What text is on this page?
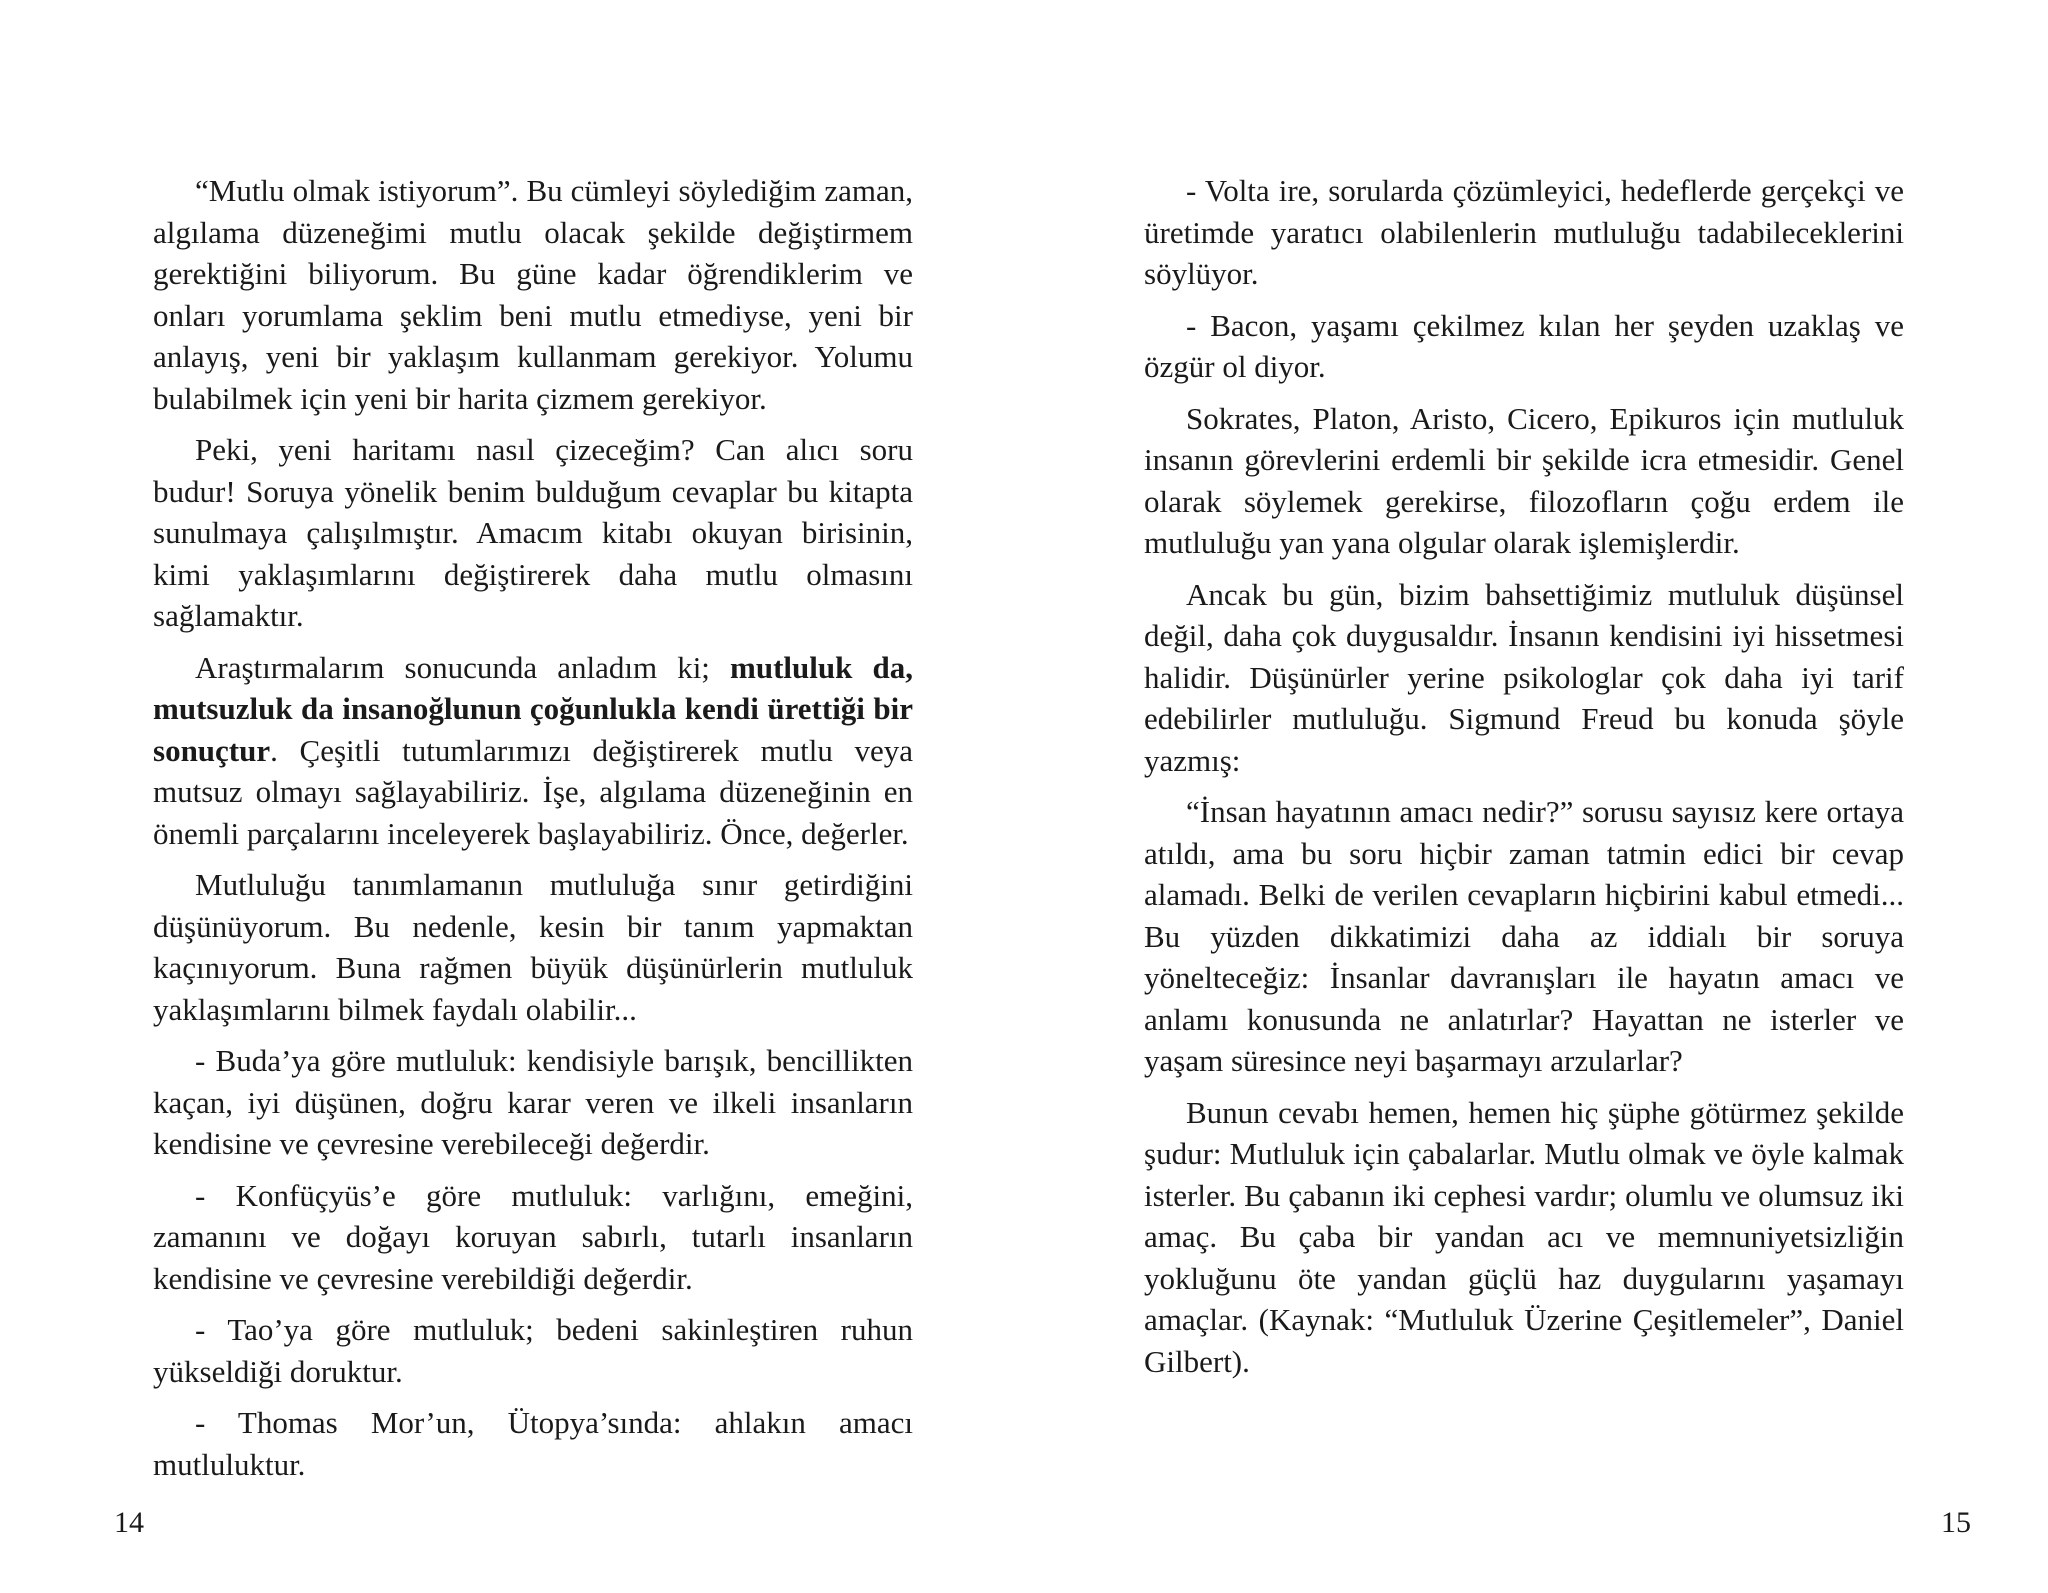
“Mutlu olmak istiyorum”. Bu cümleyi söylediğim zaman, algılama düzeneğimi mutlu olacak şekilde değiştirmem gerektiğini biliyorum. Bu güne kadar öğrendiklerim ve onları yorumlama şeklim beni mutlu etmediyse, yeni bir anlayış, yeni bir yaklaşım kullanmam gerekiyor. Yolumu bulabilmek için yeni bir harita çizmem gerekiyor.

Peki, yeni haritamı nasıl çizeceğim? Can alıcı soru budur! Soruya yönelik benim bulduğum cevaplar bu kitapta sunulmaya çalışılmıştır. Amacım kitabı okuyan birisinin, kimi yaklaşımlarını değiştirerek daha mutlu olmasını sağlamaktır.

Araştırmalarım sonucunda anladım ki; mutluluk da, mutsuzluk da insanoğlunun çoğunlukla kendi ürettiği bir sonuçtur. Çeşitli tutumlarımızı değiştirerek mutlu veya mutsuz olmayı sağlayabiliriz. İşe, algılama düzeneğinin en önemli parçalarını inceleyerek başlayabiliriz. Önce, değerler.

Mutluluğu tanımlamanın mutluluğa sınır getirdiğini düşünüyorum. Bu nedenle, kesin bir tanım yapmaktan kaçınıyorum. Buna rağmen büyük düşünürlerin mutluluk yaklaşımlarını bilmek faydalı olabilir...

- Buda’ya göre mutluluk: kendisiyle barışık, bencillikten kaçan, iyi düşünen, doğru karar veren ve ilkeli insanların kendisine ve çevresine verebileceği değerdir.

- Konfüçyüs’e göre mutluluk: varlığını, emeğini, zamanını ve doğayı koruyan sabırlı, tutarlı insanların kendisine ve çevresine verebildiği değerdir.

- Tao’ya göre mutluluk; bedeni sakinleştiren ruhun yükseldiği doruktur.

- Thomas Mor’un, Ütopya’sında: ahlakın amacı mutluluktur.

14

- Volta ire, sorularda çözümleyici, hedeflerde gerçekçi ve üretimde yaratıcı olabilenlerin mutluluğu tadabileceklerini söylüyor.

- Bacon, yaşamı çekilmez kılan her şeyden uzaklaş ve özgür ol diyor.

Sokrates, Platon, Aristo, Cicero, Epikuros için mutluluk insanın görevlerini erdemli bir şekilde icra etmesidir. Genel olarak söylemek gerekirse, filozofların çoğu erdem ile mutluluğu yan yana olgular olarak işlemişlerdir.

Ancak bu gün, bizim bahsettiğimiz mutluluk düşünsel değil, daha çok duygusaldır. İnsanın kendisini iyi hissetmesi halidir. Düşünürler yerine psikologlar çok daha iyi tarif edebilirler mutluluğu. Sigmund Freud bu konuda şöyle yazmış:

“İnsan hayatının amacı nedir?” sorusu sayısız kere ortaya atıldı, ama bu soru hiçbir zaman tatmin edici bir cevap alamadı. Belki de verilen cevapların hiçbirini kabul etmedi... Bu yüzden dikkatimizi daha az iddialı bir soruya yönelteceğiz: İnsanlar davranışları ile hayatın amacı ve anlamı konusunda ne anlatırlar? Hayattan ne isterler ve yaşam süresince neyi başarmayı arzularlar?

Bunun cevabı hemen, hemen hiç şüphe götürmez şekilde şudur: Mutluluk için çabalarlar. Mutlu olmak ve öyle kalmak isterler. Bu çabanın iki cephesi vardır; olumlu ve olumsuz iki amaç. Bu çaba bir yandan acı ve memnuniyetsizliğin yokluğunu öte yandan güçlü haz duygularını yaşamayı amaçlar. (Kaynak: “Mutluluk Üzerine Çeşitlemeler”, Daniel Gilbert).

15
